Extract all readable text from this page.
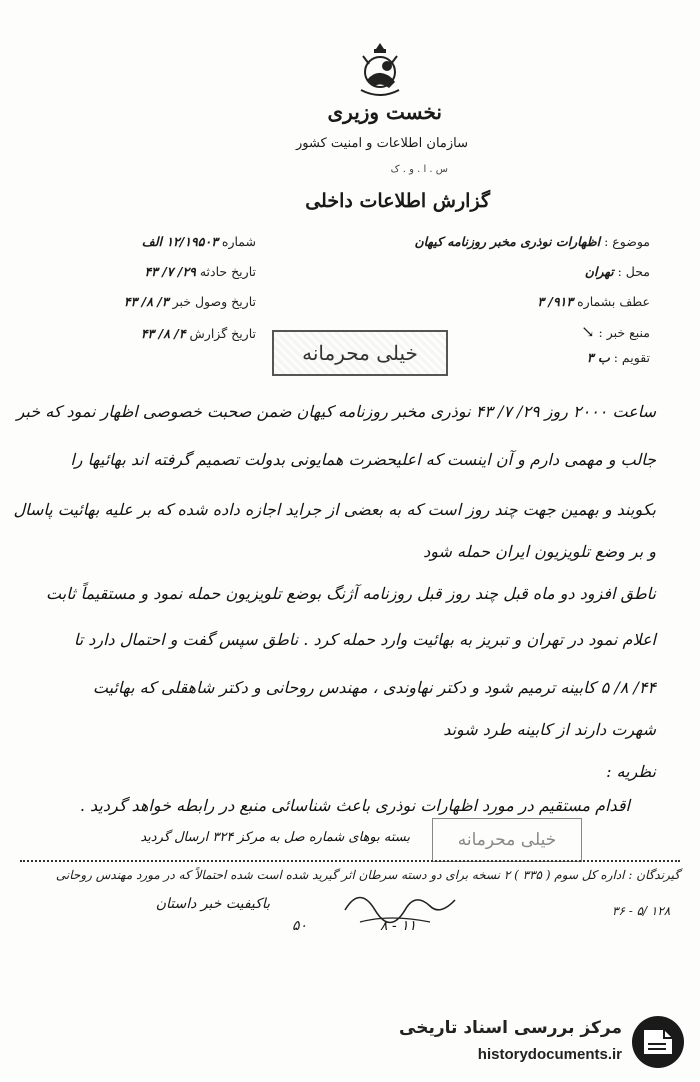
نخست وزیری
سازمان اطلاعات و امنیت کشور
س . ا . و . ک
گزارش اطلاعات داخلی
شماره ۱۲/۱۹۵۰۳ الف
تاریخ حادثه ۲۹/ ۷/ ۴۳
تاریخ وصول خبر ۳/ ۸/ ۴۳
تاریخ گزارش ۴/ ۸/ ۴۳
موضوع : اظهارات نوذری مخبر روزنامه کیهان
محل : تهران
عطف بشماره ۹۱۳/ ۳
منبع خبر : ↘
تقویم : ب ۳
خیلی محرمانه
ساعت ۲۰۰۰ روز ۲۹/ ۷/ ۴۳ نوذری مخبر روزنامه کیهان ضمن صحبت خصوصی اظهار نمود که خبر
جالب و مهمی دارم و آن اینست که اعلیحضرت همایونی بدولت تصمیم گرفته اند بهائیها را
بکوبند و بهمین جهت چند روز است که به بعضی از جراید اجازه داده شده که بر علیه بهائیت پاسال
و بر وضع تلویزیون ایران حمله شود
ناطق افزود دو ماه قبل چند روز قبل روزنامه آژنگ بوضع تلویزیون حمله نمود و مستقیماً ثابت
اعلام نمود در تهران و تبریز به بهائیت وارد حمله کرد . ناطق سپس گفت و احتمال دارد تا
۴۴/ ۸/ ۵ کابینه ترمیم شود و دکتر نهاوندی ، مهندس روحانی و دکتر شاهقلی که بهائیت
شهرت دارند از کابینه طرد شوند
نظریه :
اقدام مستقیم در مورد اظهارات نوذری باعث شناسائی منبع در رابطه خواهد گردید .
خیلی محرمانه
بسته بوهای شماره صل به مرکز ۳۲۴ ارسال گردید
گیرندگان : اداره کل سوم ( ۳۳۵ ) ۲ نسخه برای دو دسته سرطان اثر گیرید شده است شده احتمالاً که در مورد مهندس روحانی
۳۶ - ۵/ ۱۲۸
باکیفیت خبر داستان
۸ - ۱۱
۵۰
مرکز بررسی اسناد تاریخی
historydocuments.ir
